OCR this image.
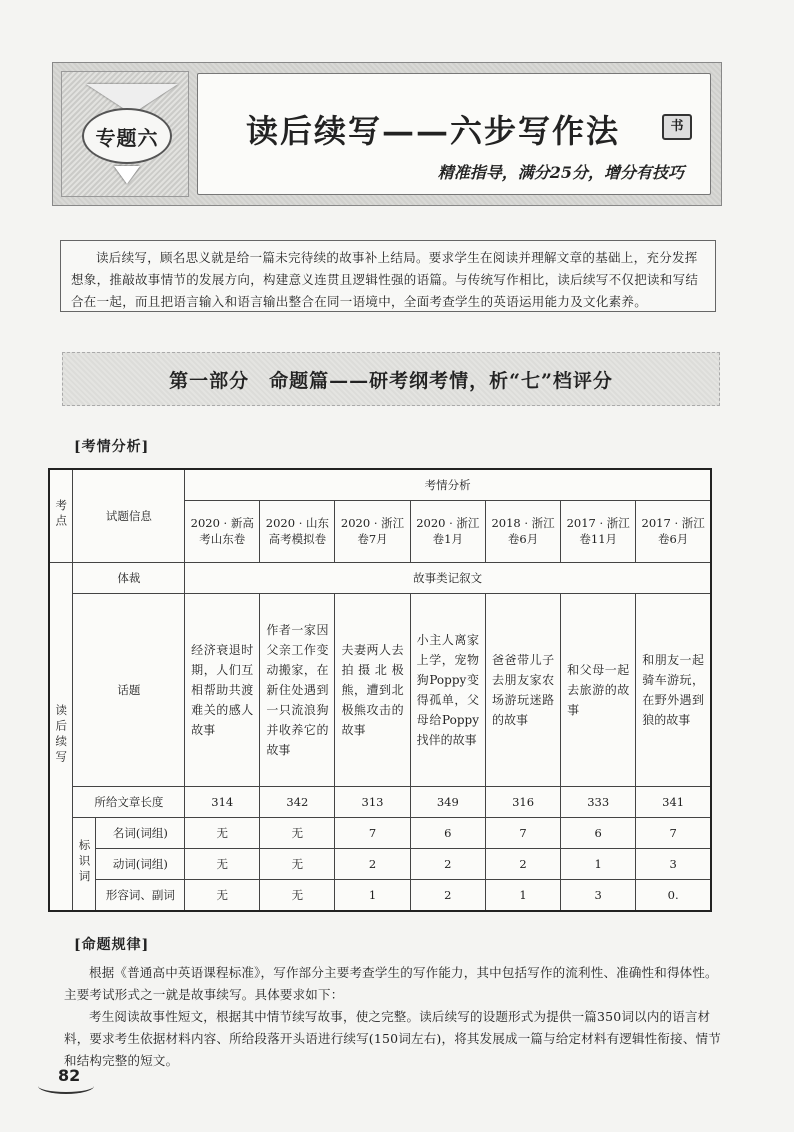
专题六	读后续写——六步写作法	书
精准指导，满分25分，增分有技巧

读后续写，顾名思义就是给一篇未完待续的故事补上结局。要求学生在阅读并理解文章的基础上，充分发挥想象，推敲故事情节的发展方向，构建意义连贯且逻辑性强的语篇。与传统写作相比，读后续写不仅把读和写结合在一起，而且把语言输入和语言输出整合在同一语境中，全面考查学生的英语运用能力及文化素养。

第一部分　命题篇——研考纲考情，析“七”档评分
[考情分析]
考点	试题信息		考情分析						
			2020 · 新高考山东卷	2020 · 山东高考模拟卷	2020 · 浙江卷7月	2020 · 浙江卷1月	2018 · 浙江卷6月	2017 · 浙江卷11月	2017 · 浙江卷6月
读后续写	体裁		故事类记叙文						
	话题		经济衰退时期，人们互相帮助共渡难关的感人故事	作者一家因父亲工作变动搬家，在新住处遇到一只流浪狗并收养它的故事	夫妻两人去拍摄北极熊，遭到北极熊攻击的故事	小主人离家上学，宠物狗Poppy变得孤单，父母给Poppy找伴的故事	爸爸带儿子去朋友家农场游玩迷路的故事	和父母一起去旅游的故事	和朋友一起骑车游玩，在野外遇到狼的故事
	所给文章长度		314	342	313	349	316	333	341
	标识词	名词(词组)	无	无	7	6	7	6	7
		动词(词组)	无	无	2	2	2	1	3
		形容词、副词	无	无	1	2	1	3	0.
[命题规律]

根据《普通高中英语课程标准》，写作部分主要考查学生的写作能力，其中包括写作的流利性、准确性和得体性。主要考试形式之一就是故事续写。具体要求如下：

考生阅读故事性短文，根据其中情节续写故事，使之完整。读后续写的设题形式为提供一篇350词以内的语言材料，要求考生依据材料内容、所给段落开头语进行续写(150词左右)，将其发展成一篇与给定材料有逻辑性衔接、情节和结构完整的短文。

82
